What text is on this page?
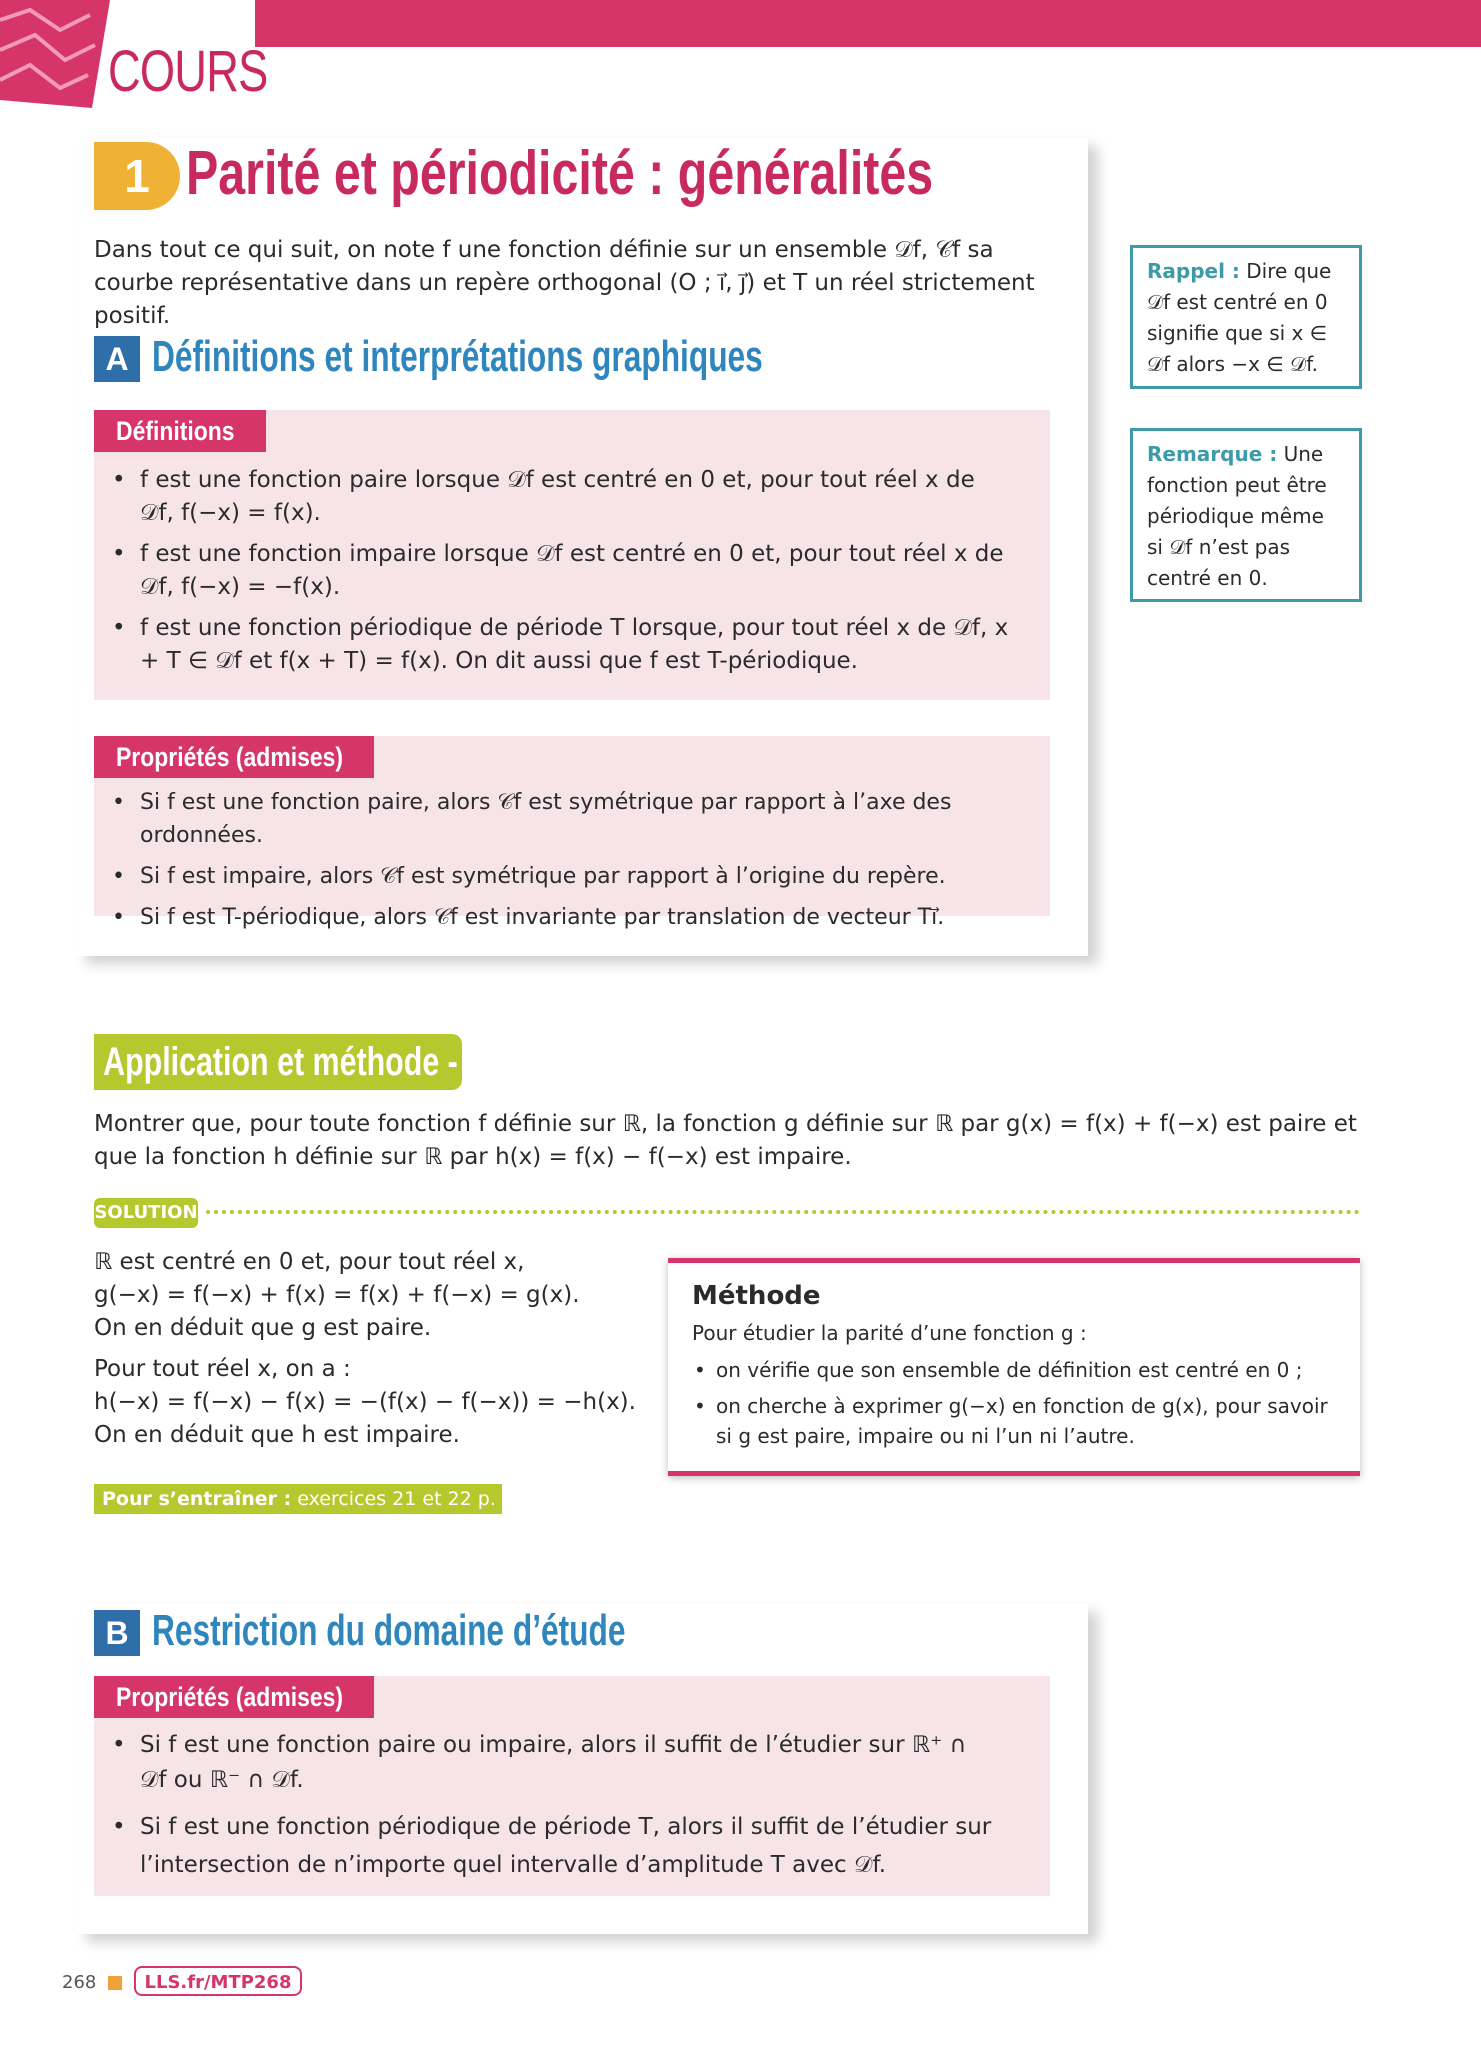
COURS
1 Parité et périodicité : généralités
Dans tout ce qui suit, on note f une fonction définie sur un ensemble 𝒟f, 𝒞f sa courbe représentative dans un repère orthogonal (O ; i⃗, j⃗) et T un réel strictement positif.
A Définitions et interprétations graphiques
Définitions
• f est une fonction paire lorsque 𝒟f est centré en 0 et, pour tout réel x de 𝒟f, f(−x) = f(x).
• f est une fonction impaire lorsque 𝒟f est centré en 0 et, pour tout réel x de 𝒟f, f(−x) = −f(x).
• f est une fonction périodique de période T lorsque, pour tout réel x de 𝒟f, x + T ∈ 𝒟f et f(x + T) = f(x). On dit aussi que f est T-périodique.
Propriétés (admises)
• Si f est une fonction paire, alors 𝒞f est symétrique par rapport à l’axe des ordonnées.
• Si f est impaire, alors 𝒞f est symétrique par rapport à l’origine du repère.
• Si f est T-périodique, alors 𝒞f est invariante par translation de vecteur Ti⃗.
Rappel : Dire que 𝒟f est centré en 0 signifie que si x ∈ 𝒟f alors −x ∈ 𝒟f.
Remarque : Une fonction peut être périodique même si 𝒟f n’est pas centré en 0.
Application et méthode - 1
Montrer que, pour toute fonction f définie sur ℝ, la fonction g définie sur ℝ par g(x) = f(x) + f(−x) est paire et que la fonction h définie sur ℝ par h(x) = f(x) − f(−x) est impaire.
SOLUTION
ℝ est centré en 0 et, pour tout réel x,
g(−x) = f(−x) + f(x) = f(x) + f(−x) = g(x).
On en déduit que g est paire.
Pour tout réel x, on a :
h(−x) = f(−x) − f(x) = −(f(x) − f(−x)) = −h(x).
On en déduit que h est impaire.
Méthode

Pour étudier la parité d’une fonction g :

• on vérifie que son ensemble de définition est centré en 0 ;
• on cherche à exprimer g(−x) en fonction de g(x), pour savoir si g est paire, impaire ou ni l’un ni l’autre.
Pour s’entraîner : exercices 21 et 22 p. 276
B Restriction du domaine d’étude
Propriétés (admises)
• Si f est une fonction paire ou impaire, alors il suffit de l’étudier sur ℝ⁺ ∩ 𝒟f ou ℝ⁻ ∩ 𝒟f.
• Si f est une fonction périodique de période T, alors il suffit de l’étudier sur l’intersection de n’importe quel intervalle d’amplitude T avec 𝒟f.
268	LLS.fr/MTP268
